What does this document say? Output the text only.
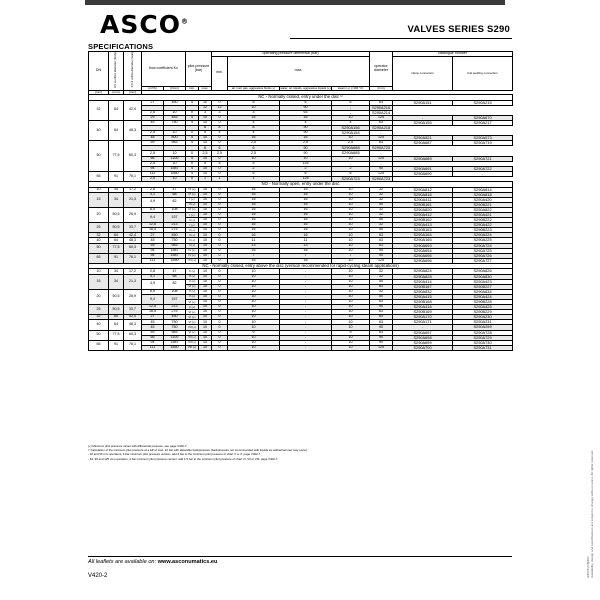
ASCO®
VALVES SERIES S290
SPECIFICATIONS
DN	0,5 d orifice diameter (body)	0,5 d orifice diameter (seat)	flow coefficient Kv		pilot pressure (bar)		operating pressure differential (bar)				operator diameter	catalogue number	
							min.	max.				clamp connection	butt welding connection
			(m³/h)	(l/min)	min.	max.		air, inert gas, aggressive fluids (+)	water, oil, liquids, aggressive liquids (+)	steam (+) (<184 °C)	(mm)		
(mm)	(mm)	(mm)											
NC - Normally closed, entry under the disc ¹⁾													
32	64	42,4	27	450	4	10	0	6	6	6	63	S290A151	S290A215
						12	12	10	90	-	S290A216		
			2,5	10	0	3	3	3	63	-	S290A214		
			29	483	4	10	0	16	16	10	125	-	S290A670
40	64	48,3	45	750	4	10	0	4	4	4	63	S290A155	S290A217
						8	8	8	90	S290A156	S290A218		
			2,5	10	0	4	4	4	90	S290A154	-		
			48	800	4	10	0	16	16	10	125	S290A521	S290A573
50	77,5	60,3	59	983	4	10	0	2,5	2,5	2,5	63	S290A687	S290A719
						6	6	6	90	S290A688	S290A720		
			2,5	10	0	2,5	2,5	2,5	90	S290A685	-		
			66	1100	4	10	0	10	10	10	125	S290A689	S290A721
			2,5	10	0	5	5	5	125	-	-		
			94	1587	4	10	0	2	2	2	90	S290A691	S290A722
65	91	76,1	111	1850	4	10	0	6	6	6	125	S290A690	-
			2,5	10	0	1	1	1	125	S290A723	S290A723		
NO - Normally open, entry under the disc													
10	34	17,2	2,8	47	IX (+)	10	0	16	16	10	32	S290A812	S290A814
15	34	21,3	4,1	68	IX (+)	10	0	16	16	10	32	S290A816	S290A818
			4,9	82	I (+)	10	0	16	16	10	32	S290A411	S290A420
					II (+)	10	0	16	16	10	50	S290B161	S290B221
20	50,5	26,9	6,5	108	IX (+)	10	0	16	16	10	32	S290A820	S290A822
			9,4	157	I (+)	10	0	16	16	10	32	S290A412	S290A421
					II (+)	10	0	16	16	10	50	S290B162	S290B222
25	50,5	33,7	12,8	213	I (+)	10	0	16	16	10	32	S290A413	S290A422
			16,5	275	II (+)	10	0	16	16	10	50	S290B163	S290B223
32	64	42,4	27	450	II (+)	10	0	16	16	10	63	S290A164	S290A224
40	64	48,3	45	750	II (+)	10	0	11	11	10	63	S290A165	S290A225
50	77,5	60,3	59	983	II (+)	10	0	13	13	10	63	S290A693	S290A724
			94	1587	IV (+)	10	0	16	16	10	90	S290A694	S290A725
65	91	76,1	94	1587	IV (+)	10	0	7	7	7	90	S290A695	S290A726
			111	1850	VII (+)	10	0	16	16	10	125	S290A696	S290A727
NC - Normally closed, entry above the disc (version recommended for rapid-cycling steam applications)													
10	34	17,2	2,8	47	X (+)	10	0	10	-	10	32	S290A824	S290A826
15	34	21,3	4,1	68	X (+)	10	0	10	-	10	32	S290A828	S290A830
			4,9	82	V (+)	10	0	10	-	10	50	S290A414	S290A423
					VI (+)	10	0	10	-	10	63	S290B167	S290B227
20	50,5	26,9	6,5	108	X (+)	10	0	10	-	10	32	S290A832	S290A834
			9,4	157	V (+)	10	0	10	-	10	50	S290A415	S290A424
					VI (+)	10	0	10	-	10	63	S290B168	S290B228
25	50,5	33,7	12,8	213	V (+)	10	0	10	-	10	50	S290A416	S290A425
			16,5	275	VI (+)	10	0	10	-	10	63	S290B169	S290B229
32	64	42,4	27	450	VI (+)	10	0	10	-	10	63	S290A170	S290A230
40	64	48,3	45	750	VI (+)	10	0	10	-	10	63	S290A171	S290A231
			45	750	VII (+)	10	0	10	-	10	90	-	S290A259
50	77,5	60,3	59	983	VI (+)	10	0	9	-	9	63	S290A697	S290A728
			66	1100	VII (+)	10	0	10	-	10	90	S290A698	S290A729
65	91	76,1	94	1587	VII (+)	10	0	10	-	10	90	S290A699	S290A730
			111	1850	VIII (+)	10	0	10	-	10	125	S290A700	S290A731
(+) Minimum pilot pressure varies with differential pressure, see page V402-7.
¹⁾ Calculation of the minimum pilot pressure at a ΔP of max. 10 bar with allowable backpressure (backpressure not recommended with liquids as watherhammer may occur).
- 32 and 50 mm operators, 4 bar minimum pilot pressure version: add 2 bar to the minimum pilot pressure of chart V or X, page V402-7 ;
- 63, 90 and 125 mm operators, 4 bar minimum pilot pressure version: add 1,5 bar to the minimum pilot pressure of chart VI, VII or VIII, page V402-7.
All leaflets are available on: www.asconumatics.eu
V420-2	9/2008 (R3)/EN Availability, design and specifications are subject to change without notice. All rights reserved.
